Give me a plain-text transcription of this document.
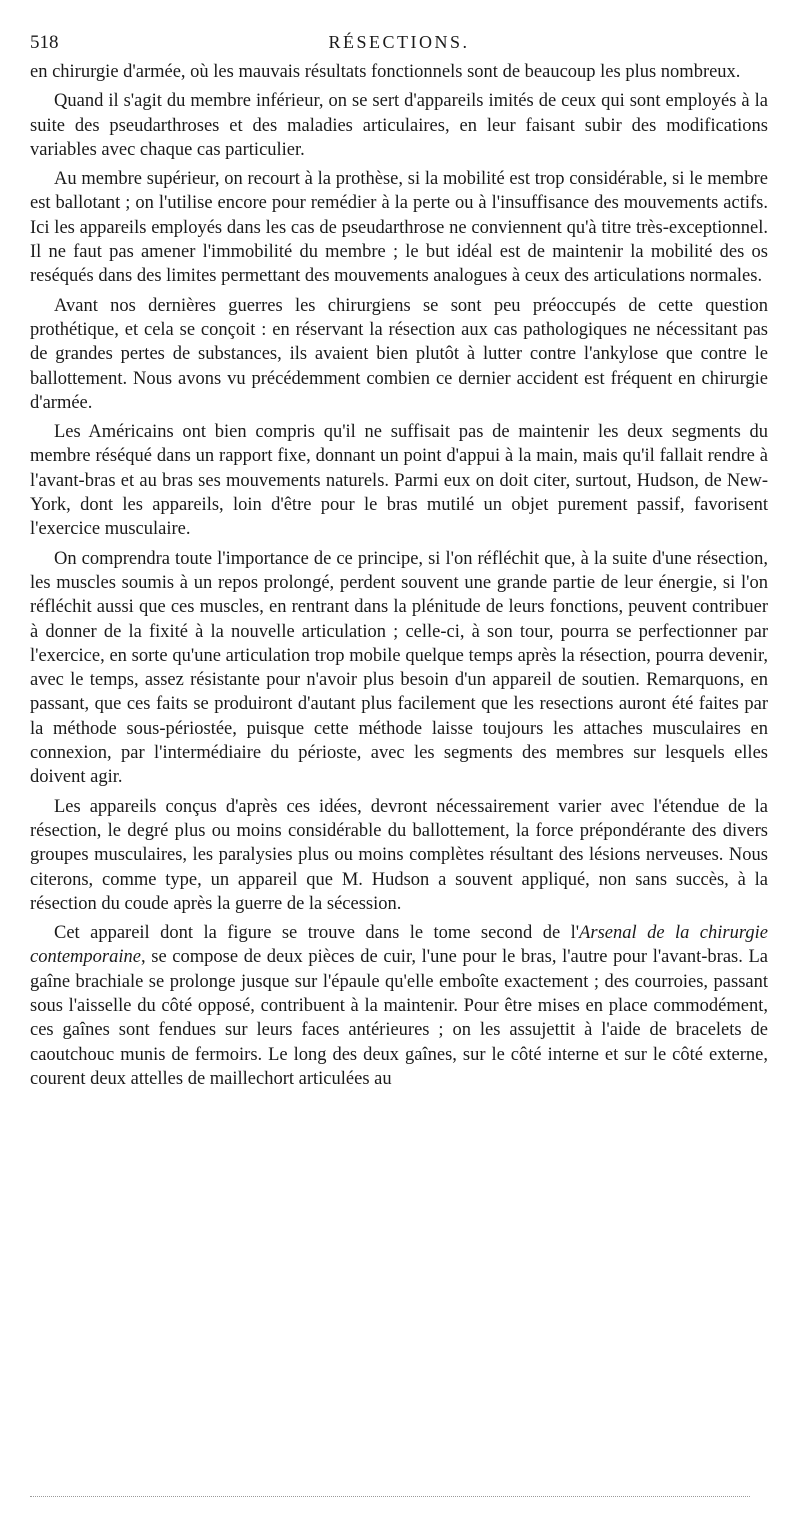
518	RÉSECTIONS.

en chirurgie d'armée, où les mauvais résultats fonctionnels sont de beaucoup les plus nombreux.

Quand il s'agit du membre inférieur, on se sert d'appareils imités de ceux qui sont employés à la suite des pseudarthroses et des maladies articulaires, en leur faisant subir des modifications variables avec chaque cas particulier.

Au membre supérieur, on recourt à la prothèse, si la mobilité est trop considérable, si le membre est ballotant ; on l'utilise encore pour remédier à la perte ou à l'insuffisance des mouvements actifs. Ici les appareils employés dans les cas de pseudarthrose ne conviennent qu'à titre très-exceptionnel. Il ne faut pas amener l'immobilité du membre ; le but idéal est de maintenir la mobilité des os reséqués dans des limites permettant des mouvements analogues à ceux des articulations normales.

Avant nos dernières guerres les chirurgiens se sont peu préoccupés de cette question prothétique, et cela se conçoit : en réservant la résection aux cas pathologiques ne nécessitant pas de grandes pertes de substances, ils avaient bien plutôt à lutter contre l'ankylose que contre le ballottement. Nous avons vu précédemment combien ce dernier accident est fréquent en chirurgie d'armée.

Les Américains ont bien compris qu'il ne suffisait pas de maintenir les deux segments du membre réséqué dans un rapport fixe, donnant un point d'appui à la main, mais qu'il fallait rendre à l'avant-bras et au bras ses mouvements naturels. Parmi eux on doit citer, surtout, Hudson, de New-York, dont les appareils, loin d'être pour le bras mutilé un objet purement passif, favorisent l'exercice musculaire.

On comprendra toute l'importance de ce principe, si l'on réfléchit que, à la suite d'une résection, les muscles soumis à un repos prolongé, perdent souvent une grande partie de leur énergie, si l'on réfléchit aussi que ces muscles, en rentrant dans la plénitude de leurs fonctions, peuvent contribuer à donner de la fixité à la nouvelle articulation ; celle-ci, à son tour, pourra se perfectionner par l'exercice, en sorte qu'une articulation trop mobile quelque temps après la résection, pourra devenir, avec le temps, assez résistante pour n'avoir plus besoin d'un appareil de soutien. Remarquons, en passant, que ces faits se produiront d'autant plus facilement que les resections auront été faites par la méthode sous-périostée, puisque cette méthode laisse toujours les attaches musculaires en connexion, par l'intermédiaire du périoste, avec les segments des membres sur lesquels elles doivent agir.

Les appareils conçus d'après ces idées, devront nécessairement varier avec l'étendue de la résection, le degré plus ou moins considérable du ballottement, la force prépondérante des divers groupes musculaires, les paralysies plus ou moins complètes résultant des lésions nerveuses. Nous citerons, comme type, un appareil que M. Hudson a souvent appliqué, non sans succès, à la résection du coude après la guerre de la sécession.

Cet appareil dont la figure se trouve dans le tome second de l'Arsenal de la chirurgie contemporaine, se compose de deux pièces de cuir, l'une pour le bras, l'autre pour l'avant-bras. La gaîne brachiale se prolonge jusque sur l'épaule qu'elle emboîte exactement ; des courroies, passant sous l'aisselle du côté opposé, contribuent à la maintenir. Pour être mises en place commodément, ces gaînes sont fendues sur leurs faces antérieures ; on les assujettit à l'aide de bracelets de caoutchouc munis de fermoirs. Le long des deux gaînes, sur le côté interne et sur le côté externe, courent deux attelles de maillechort articulées au
